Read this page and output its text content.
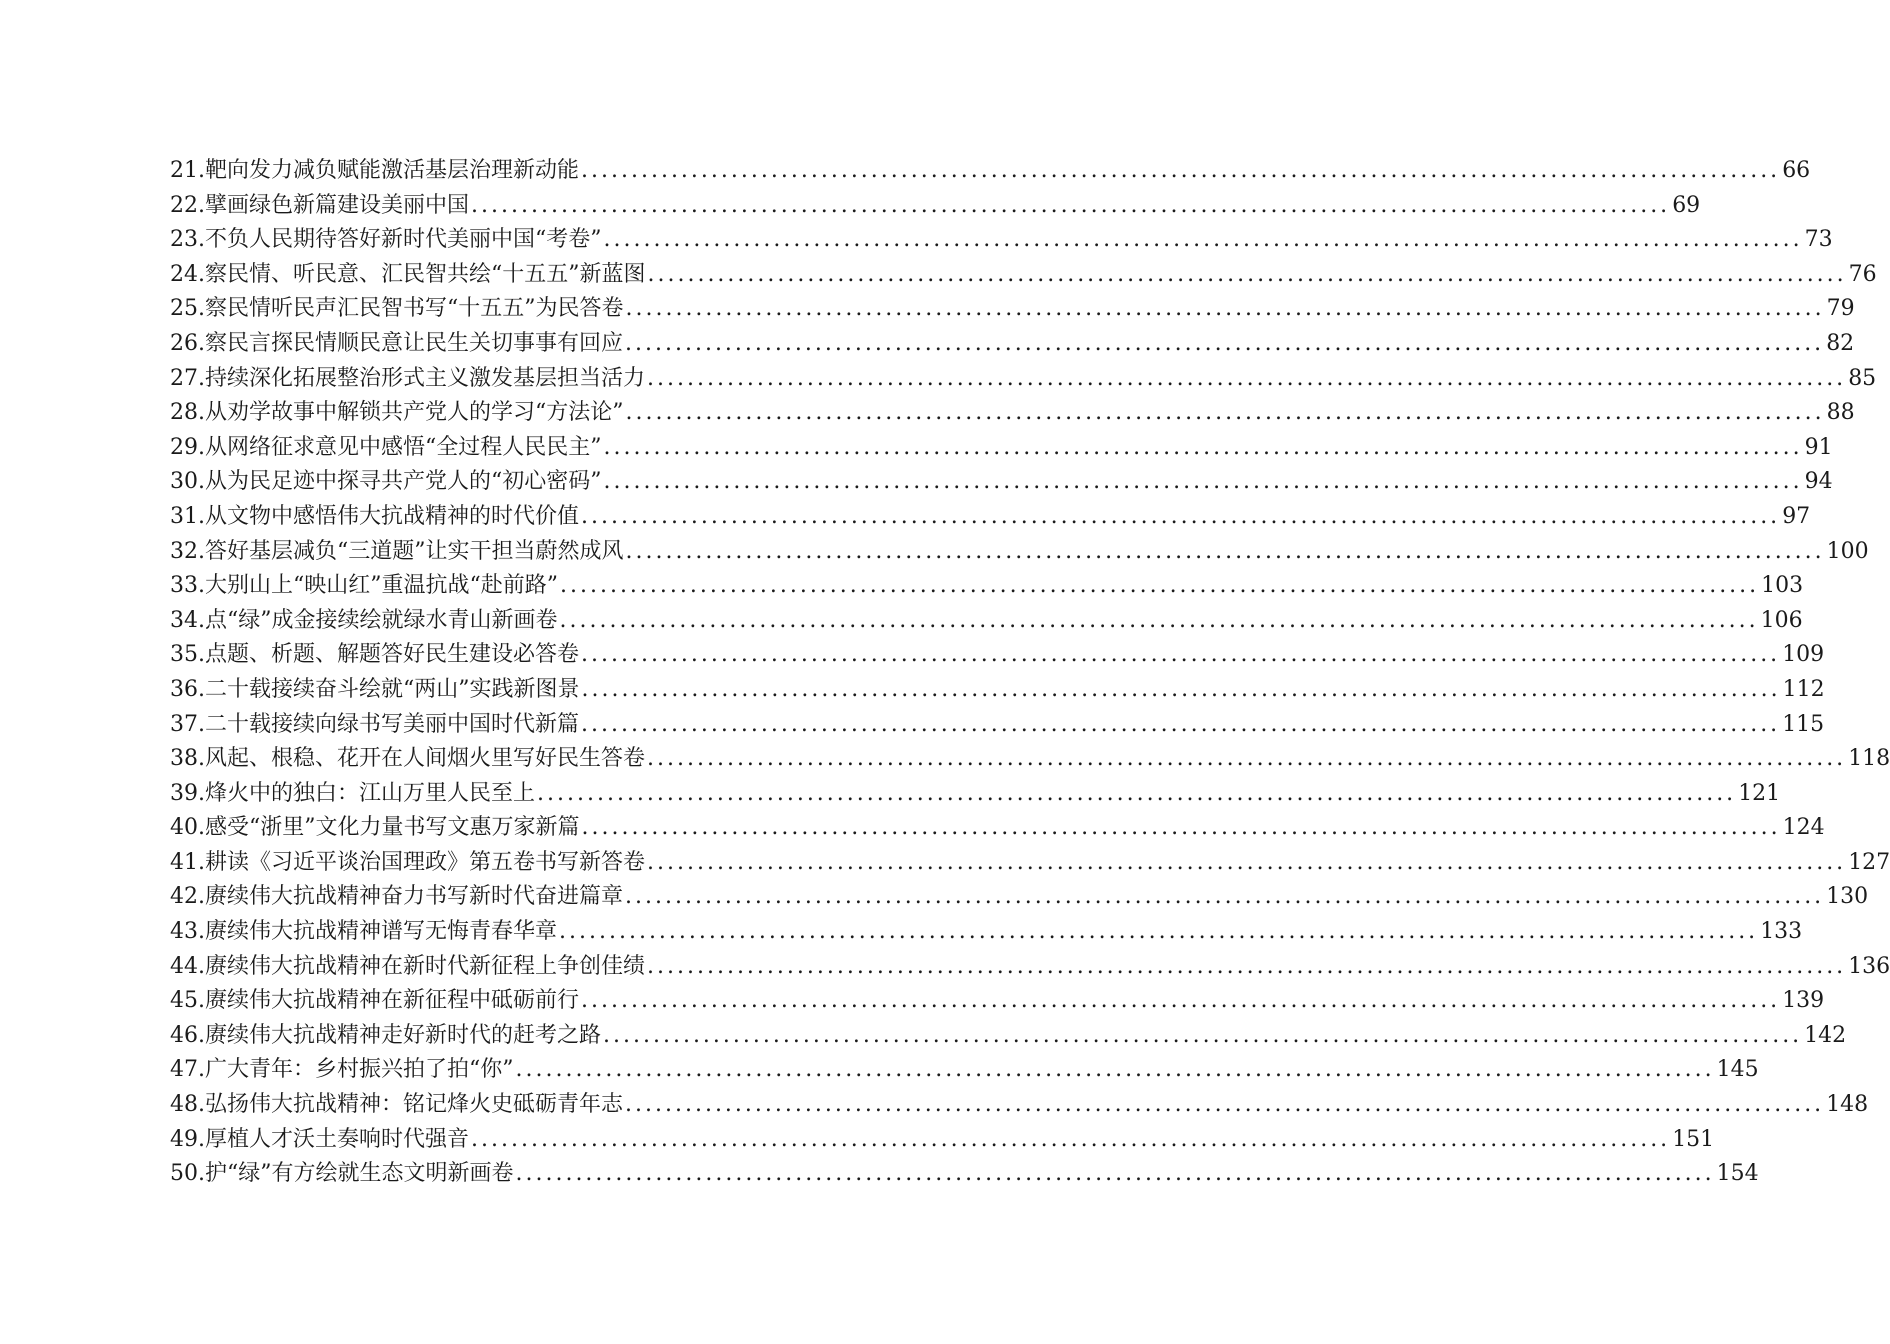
21.靶向发力减负赋能激活基层治理新动能 .....	66
22.擘画绿色新篇建设美丽中国 .....	69
23.不负人民期待答好新时代美丽中国“考卷” .....	73
24.察民情、听民意、汇民智共绘“十五五”新蓝图 .....	76
25.察民情听民声汇民智书写“十五五”为民答卷 .....	79
26.察民言探民情顺民意让民生关切事事有回应 .....	82
27.持续深化拓展整治形式主义激发基层担当活力 .....	85
28.从劝学故事中解锁共产党人的学习“方法论” .....	88
29.从网络征求意见中感悟“全过程人民民主” .....	91
30.从为民足迹中探寻共产党人的“初心密码” .....	94
31.从文物中感悟伟大抗战精神的时代价值 .....	97
32.答好基层减负“三道题”让实干担当蔚然成风 .....	100
33.大别山上“映山红”重温抗战“赴前路” .....	103
34.点“绿”成金接续绘就绿水青山新画卷 .....	106
35.点题、析题、解题答好民生建设必答卷 .....	109
36.二十载接续奋斗绘就“两山”实践新图景 .....	112
37.二十载接续向绿书写美丽中国时代新篇 .....	115
38.风起、根稳、花开在人间烟火里写好民生答卷 .....	118
39.烽火中的独白：江山万里人民至上 .....	121
40.感受“浙里”文化力量书写文惠万家新篇 .....	124
41.耕读《习近平谈治国理政》第五卷书写新答卷 .....	127
42.赓续伟大抗战精神奋力书写新时代奋进篇章 .....	130
43.赓续伟大抗战精神谱写无悔青春华章 .....	133
44.赓续伟大抗战精神在新时代新征程上争创佳绩 .....	136
45.赓续伟大抗战精神在新征程中砥砺前行 .....	139
46.赓续伟大抗战精神走好新时代的赶考之路 .....	142
47.广大青年：乡村振兴拍了拍“你” .....	145
48.弘扬伟大抗战精神：铭记烽火史砥砺青年志 .....	148
49.厚植人才沃土奏响时代强音 .....	151
50.护“绿”有方绘就生态文明新画卷 .....	154
